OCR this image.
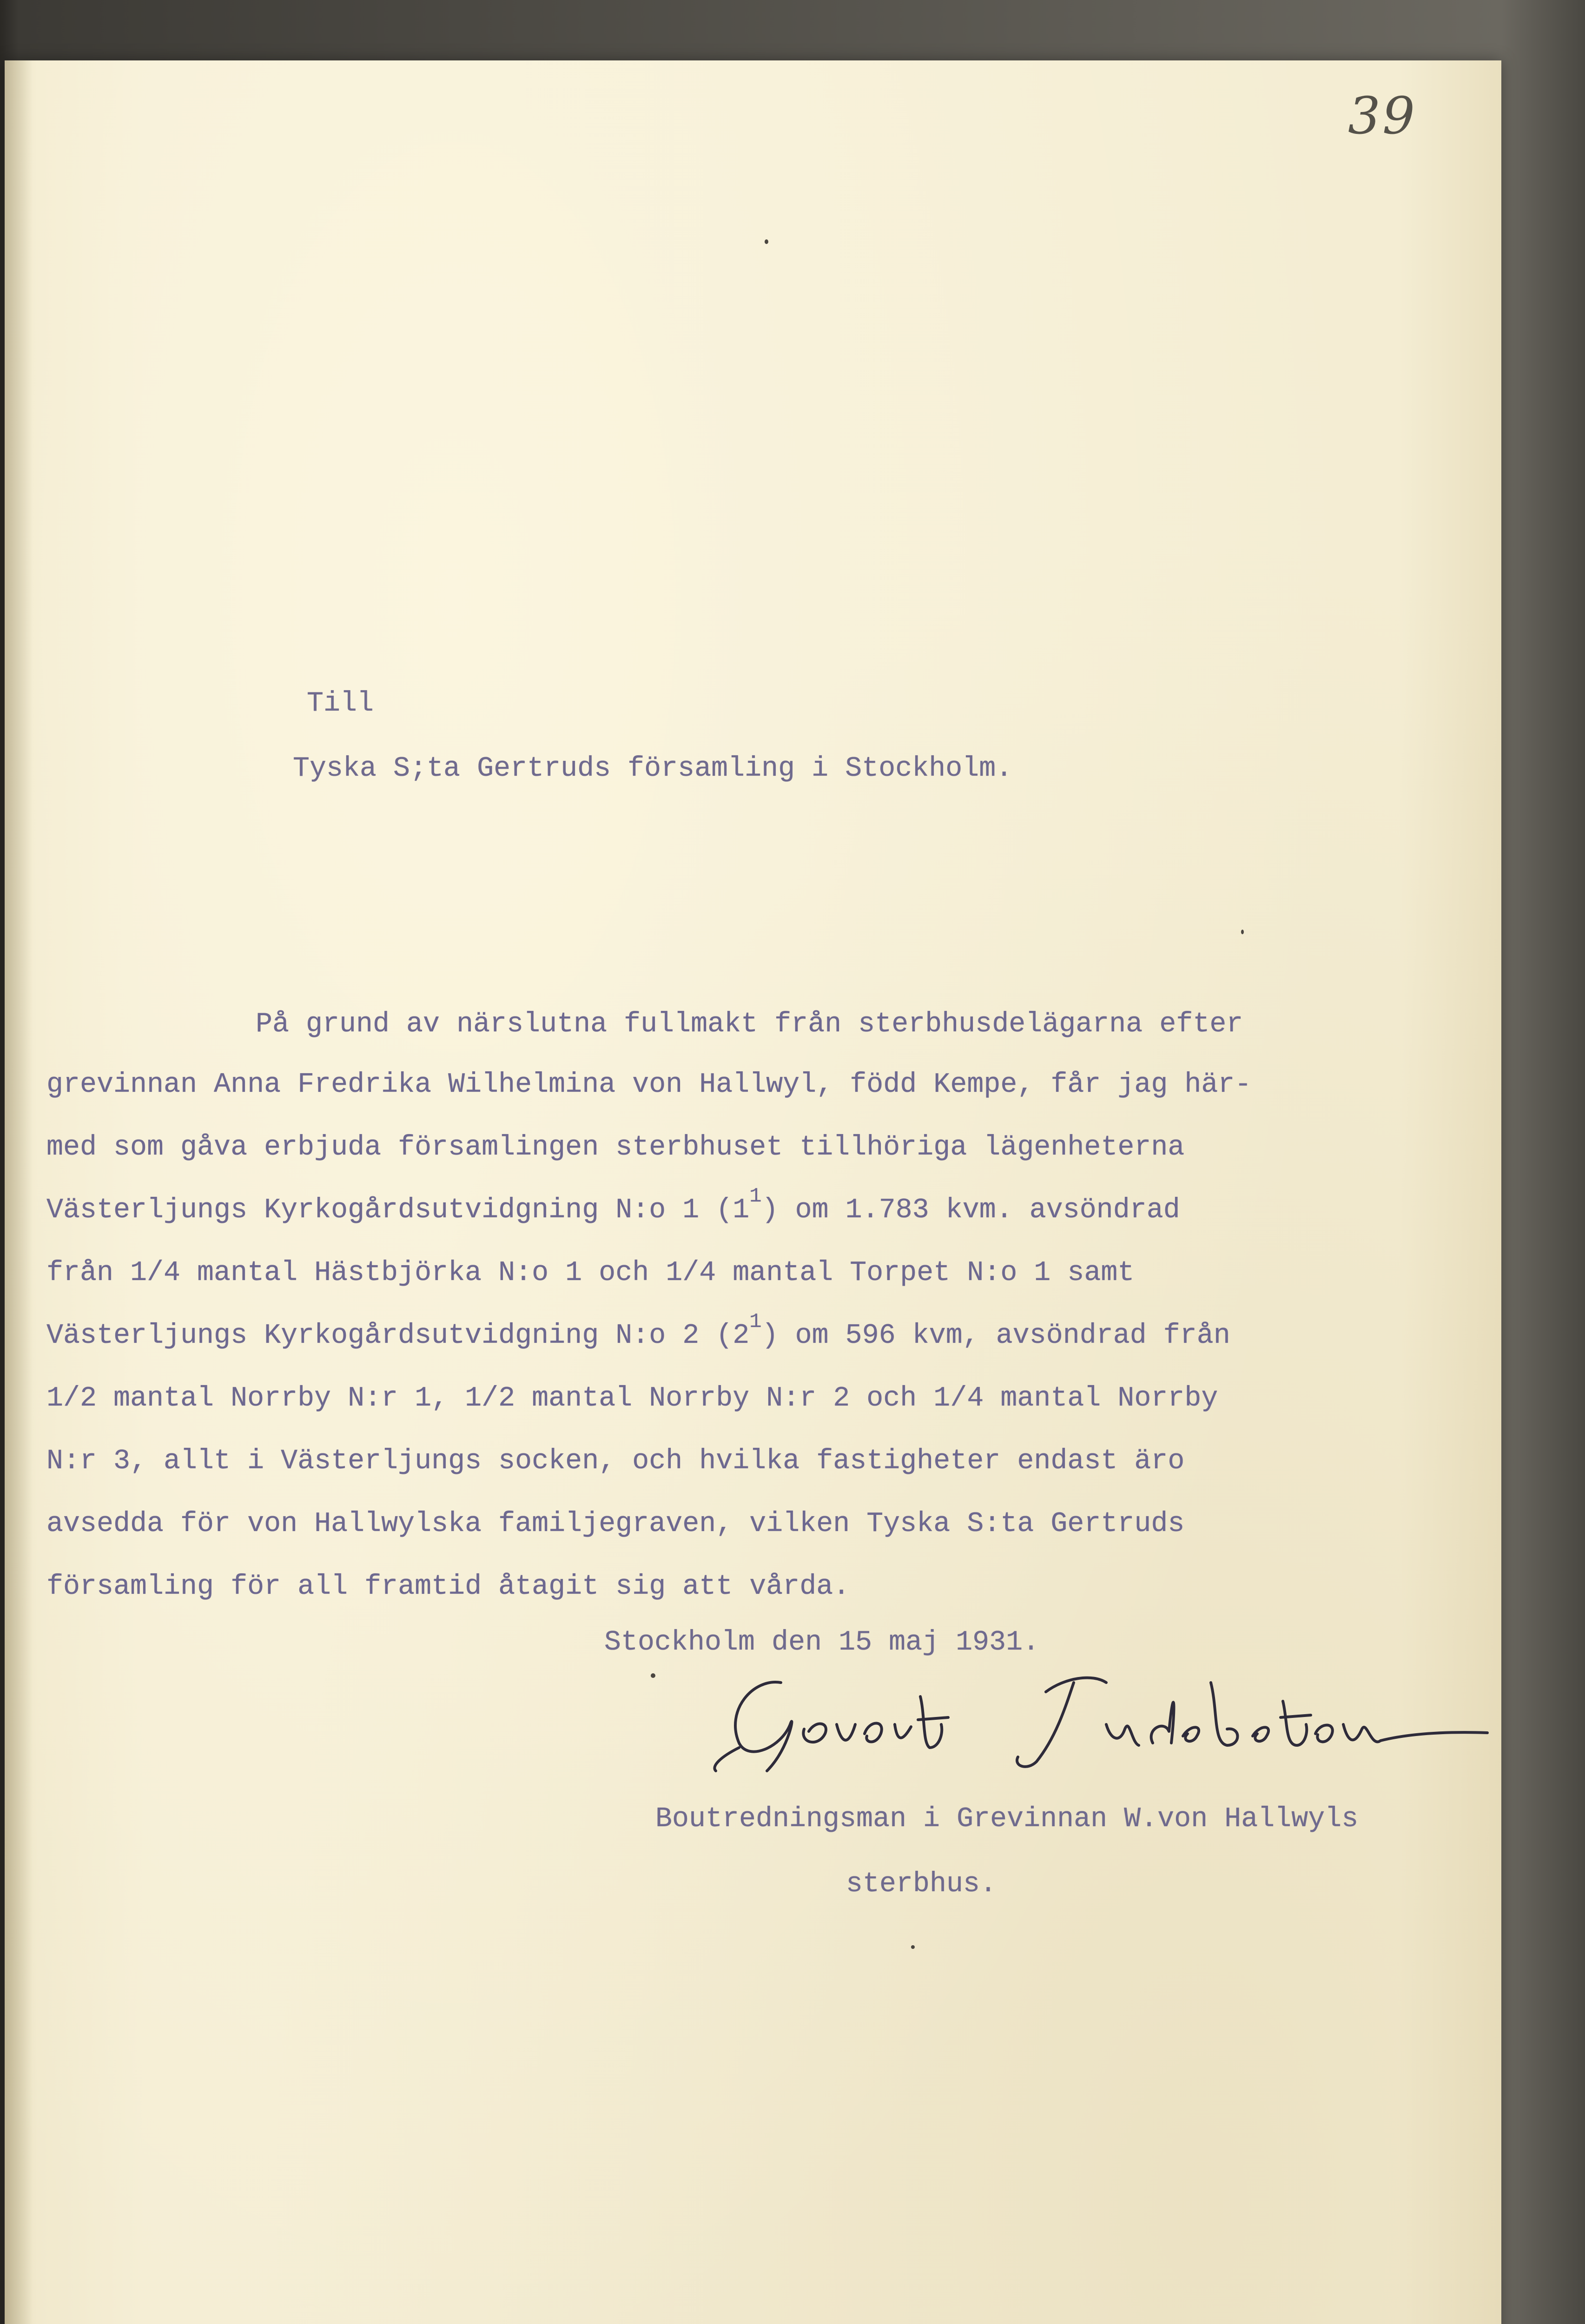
39
Till
Tyska S;ta Gertruds församling i Stockholm.
På grund av närslutna fullmakt från sterbhusdelägarna efter
grevinnan Anna Fredrika Wilhelmina von Hallwyl, född Kempe, får jag här-
med som gåva erbjuda församlingen sterbhuset tillhöriga lägenheterna
Västerljungs Kyrkogårdsutvidgning N:o 1 $(1^1)$ om 1.783 kvm. avsöndrad
från 1/4 mantal Hästbjörka N:o 1 och 1/4 mantal Torpet N:o 1 samt
Västerljungs Kyrkogårdsutvidgning N:o 2 $(2^1)$ om 596 kvm, avsöndrad från
1/2 mantal Norrby N:r 1, 1/2 mantal Norrby N:r 2 och 1/4 mantal Norrby
N:r 3, allt i Västerljungs socken, och hvilka fastigheter endast äro
avsedda för von Hallwylska familjegraven, vilken Tyska S:ta Gertruds
församling för all framtid åtagit sig att vårda.
Stockholm den 15 maj 1931.
Boutredningsman i Grevinnan W.von Hallwyls
sterbhus.
